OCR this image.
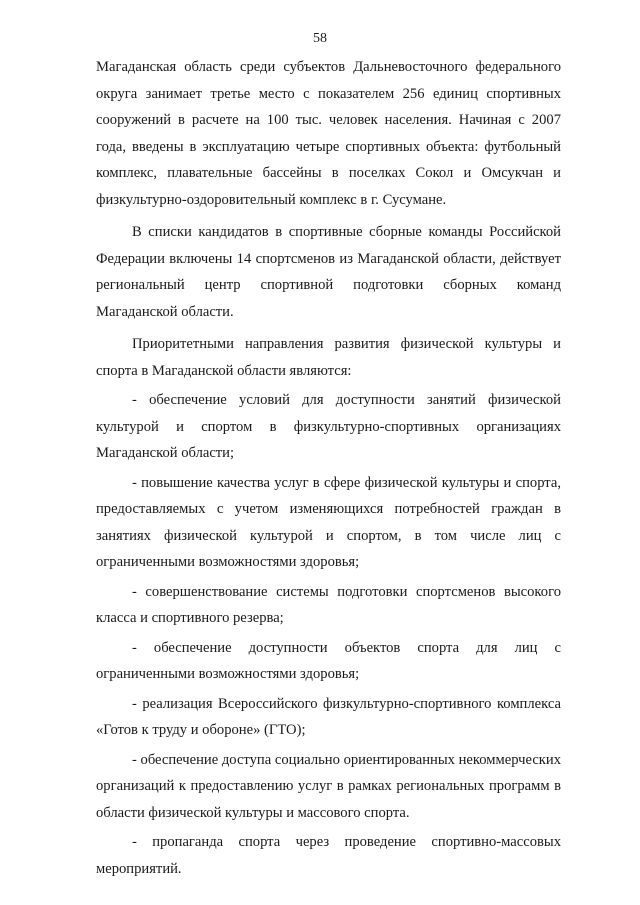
58

Магаданская область среди субъектов Дальневосточного федерального округа занимает третье место с показателем 256 единиц спортивных сооружений в расчете на 100 тыс. человек населения. Начиная с 2007 года, введены в эксплуатацию четыре спортивных объекта: футбольный комплекс, плавательные бассейны в поселках Сокол и Омсукчан и физкультурно-оздоровительный комплекс в г. Сусумане.

В списки кандидатов в спортивные сборные команды Российской Федерации включены 14 спортсменов из Магаданской области, действует региональный центр спортивной подготовки сборных команд Магаданской области.

Приоритетными направления развития физической культуры и спорта в Магаданской области являются:

- обеспечение условий для доступности занятий физической культурой и спортом в физкультурно-спортивных организациях Магаданской области;

- повышение качества услуг в сфере физической культуры и спорта, предоставляемых с учетом изменяющихся потребностей граждан в занятиях физической культурой и спортом, в том числе лиц с ограниченными возможностями здоровья;

- совершенствование системы подготовки спортсменов высокого класса и спортивного резерва;

- обеспечение доступности объектов спорта для лиц с ограниченными возможностями здоровья;

- реализация Всероссийского физкультурно-спортивного комплекса «Готов к труду и обороне» (ГТО);

- обеспечение доступа социально ориентированных некоммерческих организаций к предоставлению услуг в рамках региональных программ в области физической культуры и массового спорта.

- пропаганда спорта через проведение спортивно-массовых мероприятий.
